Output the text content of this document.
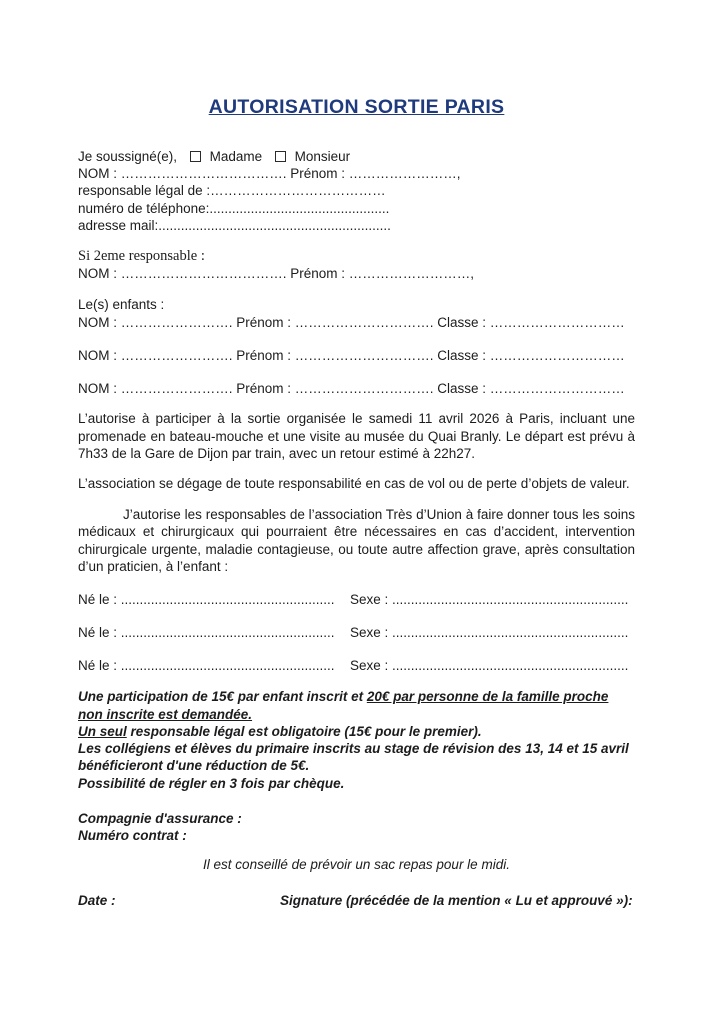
AUTORISATION SORTIE PARIS
Je soussigné(e), Madame Monsieur
NOM : ………………………………. Prénom : ……………………,
responsable légal de :…………………………………
numéro de téléphone:................................................
adresse mail:..............................................................
Si 2eme responsable :
NOM : ………………………………. Prénom : ………………………,
Le(s) enfants :
NOM : ……………………. Prénom : …………………………. Classe : …………………………
NOM : ……………………. Prénom : …………………………. Classe : …………………………
NOM : ……………………. Prénom : …………………………. Classe : …………………………

L’autorise à participer à la sortie organisée le samedi 11 avril 2026 à Paris, incluant une promenade en bateau-mouche et une visite au musée du Quai Branly. Le départ est prévu à 7h33 de la Gare de Dijon par train, avec un retour estimé à 22h27.

L’association se dégage de toute responsabilité en cas de vol ou de perte d’objets de valeur.

J’autorise les responsables de l’association Très d’Union à faire donner tous les soins médicaux et chirurgicaux qui pourraient être nécessaires en cas d’accident, intervention chirurgicale urgente, maladie contagieuse, ou toute autre affection grave, après consultation d’un praticien, à l’enfant :

Né le : .........................................................	Sexe : ...............................................................
Né le : .........................................................	Sexe : ...............................................................
Né le : .........................................................	Sexe : ...............................................................
Une participation de 15€ par enfant inscrit et 20€ par personne de la famille proche
non inscrite est demandée.
Un seul responsable légal est obligatoire (15€ pour le premier).
Les collégiens et élèves du primaire inscrits au stage de révision des 13, 14 et 15 avril
bénéficieront d'une réduction de 5€.
Possibilité de régler en 3 fois par chèque.
Compagnie d'assurance :
Numéro contrat :

Il est conseillé de prévoir un sac repas pour le midi.

Date :	Signature (précédée de la mention « Lu et approuvé »):
